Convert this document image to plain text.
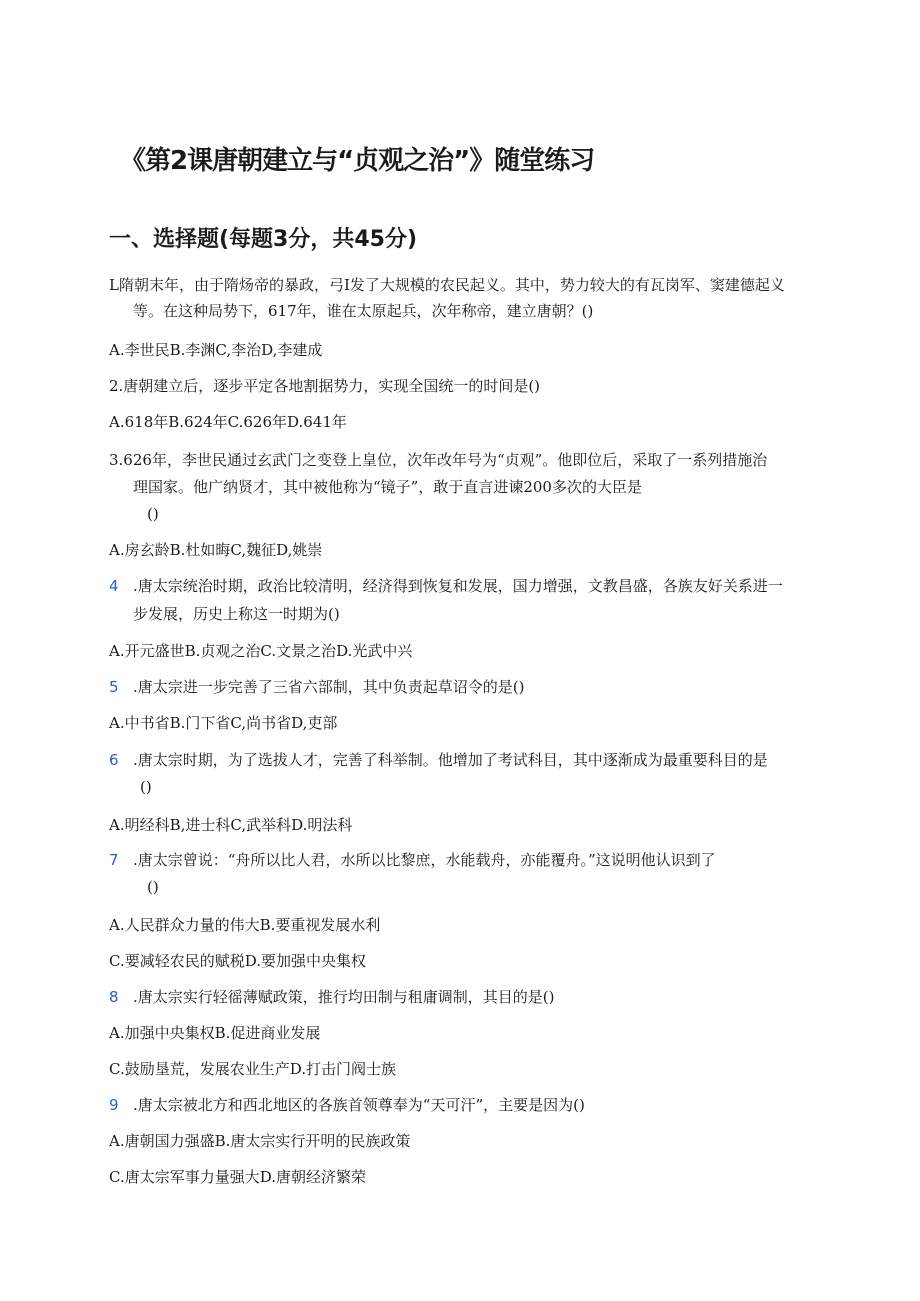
《第2课唐朝建立与“贞观之治”》随堂练习
一、选择题(每题3分，共45分)
L隋朝末年，由于隋炀帝的暴政，弓I发了大规模的农民起义。其中，势力较大的有瓦岗军、窦建德起义
等。在这种局势下，617年，谁在太原起兵，次年称帝，建立唐朝？()
A.李世民B.李渊C,李治D,李建成
2.唐朝建立后，逐步平定各地割据势力，实现全国统一的时间是()
A.618年B.624年C.626年D.641年
3.626年，李世民通过玄武门之变登上皇位，次年改年号为“贞观”。他即位后，采取了一系列措施治
理国家。他广纳贤才，其中被他称为“镜子”，敢于直言进谏200多次的大臣是
()
A.房玄龄B.杜如晦C,魏征D,姚崇
4 .唐太宗统治时期，政治比较清明，经济得到恢复和发展，国力增强，文教昌盛，各族友好关系进一
步发展，历史上称这一时期为()
A.开元盛世B.贞观之治C.文景之治D.光武中兴
5 .唐太宗进一步完善了三省六部制，其中负责起草诏令的是()
A.中书省B.门下省C,尚书省D,吏部
6 .唐太宗时期，为了选拔人才，完善了科举制。他增加了考试科目，其中逐渐成为最重要科目的是
()
A.明经科B,进士科C,武举科D.明法科
7 .唐太宗曾说：“舟所以比人君，水所以比黎庶，水能载舟，亦能覆舟。”这说明他认识到了
()
A.人民群众力量的伟大B.要重视发展水利
C.要减轻农民的赋税D.要加强中央集权
8 .唐太宗实行轻徭薄赋政策，推行均田制与租庸调制，其目的是()
A.加强中央集权B.促进商业发展
C.鼓励垦荒，发展农业生产D.打击门阀士族
9 .唐太宗被北方和西北地区的各族首领尊奉为“天可汗”，主要是因为()
A.唐朝国力强盛B.唐太宗实行开明的民族政策
C.唐太宗军事力量强大D.唐朝经济繁荣
